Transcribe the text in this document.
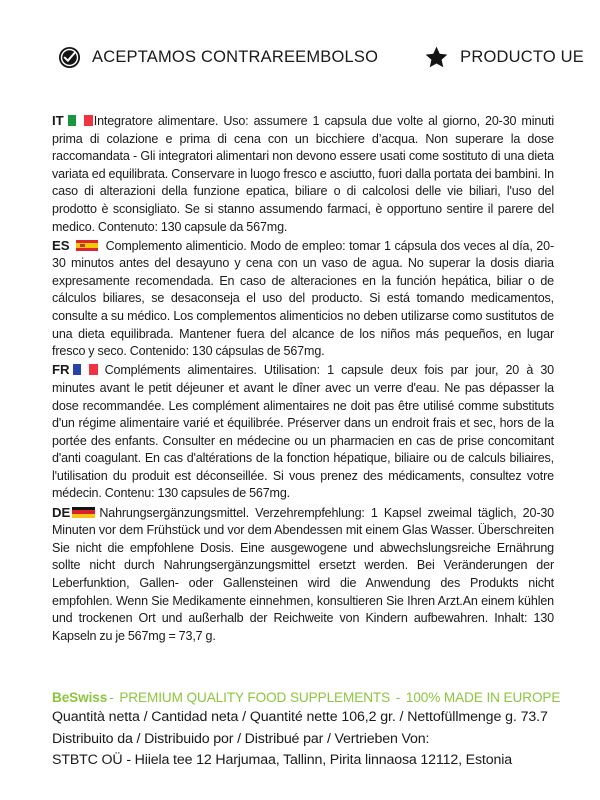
ACEPTAMOS CONTRAREEMBOLSO	PRODUCTO UE

IT Integratore alimentare. Uso: assumere 1 capsula due volte al giorno, 20-30 minuti prima di colazione e prima di cena con un bicchiere d’acqua. Non superare la dose raccomandata - Gli integratori alimentari non devono essere usati come sostituto di una dieta variata ed equilibrata. Conservare in luogo fresco e asciutto, fuori dalla portata dei bambini. In caso di alterazioni della funzione epatica, biliare o di calcolosi delle vie biliari, l'uso del prodotto è sconsigliato. Se si stanno assumendo farmaci, è opportuno sentire il parere del medico. Contenuto: 130 capsule da 567mg.

ES	Complemento alimenticio. Modo de empleo: tomar 1 cápsula dos veces al día, 20-30 minutos antes del desayuno y cena con un vaso de agua. No superar la dosis diaria expresamente recomendada. En caso de alteraciones en la función hepática, biliar o de cálculos biliares, se desaconseja el uso del producto. Si está tomando medicamentos, consulte a su médico. Los complementos alimenticios no deben utilizarse como sustitutos de una dieta equilibrada. Mantener fuera del alcance de los niños más pequeños, en lugar fresco y seco. Contenido: 130 cápsulas de 567mg.

FR	Compléments alimentaires. Utilisation: 1 capsule deux fois par jour, 20 à 30 minutes avant le petit déjeuner et avant le dîner avec un verre d'eau. Ne pas dépasser la dose recommandée. Les complément alimentaires ne doit pas être utilisé comme substituts d'un régime alimentaire varié et équilibrée. Préserver dans un endroit frais et sec, hors de la portée des enfants. Consulter en médecine ou un pharmacien en cas de prise concomitant d'anti coagulant. En cas d'altérations de la fonction hépatique, biliaire ou de calculs biliaires, l'utilisation du produit est déconseillée. Si vous prenez des médicaments, consultez votre médecin. Contenu: 130 capsules de 567mg.

DE Nahrungsergänzungsmittel. Verzehrempfehlung: 1 Kapsel zweimal täglich, 20-30 Minuten vor dem Frühstück und vor dem Abendessen mit einem Glas Wasser. Überschreiten Sie nicht die empfohlene Dosis. Eine ausgewogene und abwechslungsreiche Ernährung sollte nicht durch Nahrungsergänzungsmittel ersetzt werden. Bei Veränderungen der Leberfunktion, Gallen- oder Gallensteinen wird die Anwendung des Produkts nicht empfohlen. Wenn Sie Medikamente einnehmen, konsultieren Sie Ihren Arzt.An einem kühlen und trockenen Ort und außerhalb der Reichweite von Kindern aufbewahren. Inhalt: 130 Kapseln zu je 567mg = 73,7 g.

BeSwiss - PREMIUM QUALITY FOOD SUPPLEMENTS - 100% MADE IN EUROPE
Quantità netta / Cantidad neta / Quantité nette 106,2 gr. / Nettofüllmenge g. 73.7
Distribuito da / Distribuido por / Distribué par / Vertrieben Von:
STBTC OÜ - Hiiela tee 12 Harjumaa, Tallinn, Pirita linnaosa 12112, Estonia
